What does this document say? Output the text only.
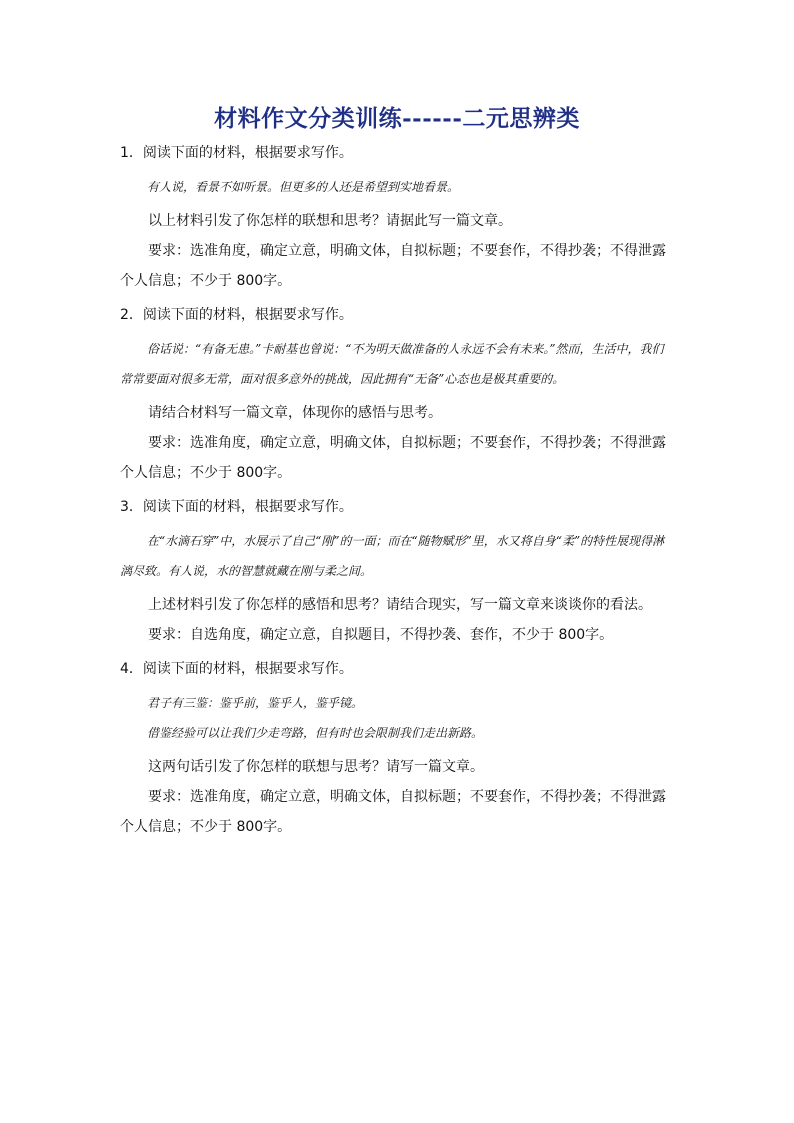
材料作文分类训练------二元思辨类

1．阅读下面的材料，根据要求写作。

有人说，看景不如听景。但更多的人还是希望到实地看景。

以上材料引发了你怎样的联想和思考？请据此写一篇文章。

要求：选准角度，确定立意，明确文体，自拟标题；不要套作，不得抄袭；不得泄露个人信息；不少于 800字。

2．阅读下面的材料，根据要求写作。

俗话说：“有备无患。”卡耐基也曾说：“不为明天做准备的人永远不会有未来。”然而，生活中，我们常常要面对很多无常，面对很多意外的挑战，因此拥有“无备”心态也是极其重要的。

请结合材料写一篇文章，体现你的感悟与思考。

要求：选准角度，确定立意，明确文体，自拟标题；不要套作，不得抄袭；不得泄露个人信息；不少于 800字。

3．阅读下面的材料，根据要求写作。

在“水滴石穿”中，水展示了自己“刚”的一面；而在“随物赋形”里，水又将自身“柔”的特性展现得淋漓尽致。有人说，水的智慧就藏在刚与柔之间。

上述材料引发了你怎样的感悟和思考？请结合现实，写一篇文章来谈谈你的看法。

要求：自选角度，确定立意，自拟题目，不得抄袭、套作，不少于 800字。

4．阅读下面的材料，根据要求写作。

君子有三鉴：鉴乎前，鉴乎人，鉴乎镜。

借鉴经验可以让我们少走弯路，但有时也会限制我们走出新路。

这两句话引发了你怎样的联想与思考？请写一篇文章。

要求：选准角度，确定立意，明确文体，自拟标题；不要套作，不得抄袭；不得泄露个人信息；不少于 800字。
